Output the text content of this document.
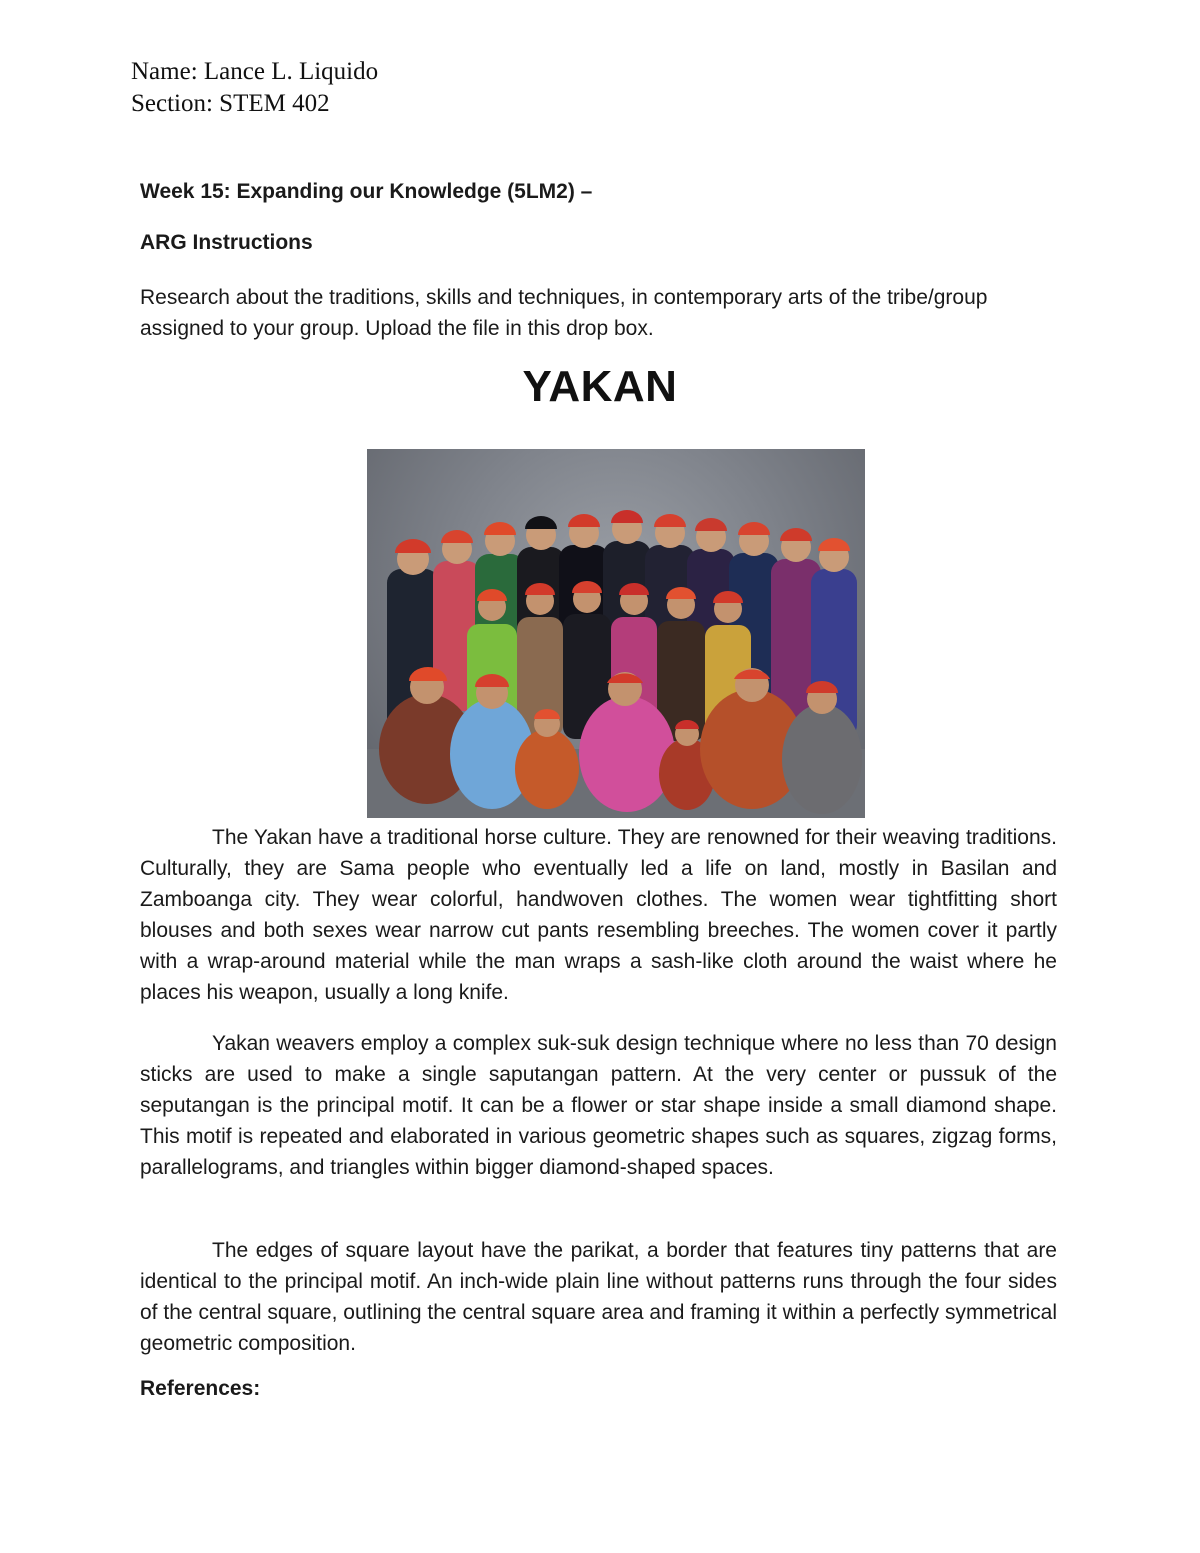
Name: Lance L. Liquido
Section: STEM 402
Week 15: Expanding our Knowledge (5LM2) –
ARG Instructions
Research about the traditions, skills and techniques, in contemporary arts of the tribe/group assigned to your group. Upload the file in this drop box.
YAKAN
The Yakan have a traditional horse culture. They are renowned for their weaving traditions. Culturally, they are Sama people who eventually led a life on land, mostly in Basilan and Zamboanga city. They wear colorful, handwoven clothes. The women wear tightfitting short blouses and both sexes wear narrow cut pants resembling breeches. The women cover it partly with a wrap-around material while the man wraps a sash-like cloth around the waist where he places his weapon, usually a long knife.
Yakan weavers employ a complex suk-suk design technique where no less than 70 design sticks are used to make a single saputangan pattern. At the very center or pussuk of the seputangan is the principal motif. It can be a flower or star shape inside a small diamond shape. This motif is repeated and elaborated in various geometric shapes such as squares, zigzag forms, parallelograms, and triangles within bigger diamond-shaped spaces.
The edges of square layout have the parikat, a border that features tiny patterns that are identical to the principal motif. An inch-wide plain line without patterns runs through the four sides of the central square, outlining the central square area and framing it within a perfectly symmetrical geometric composition.
References:
